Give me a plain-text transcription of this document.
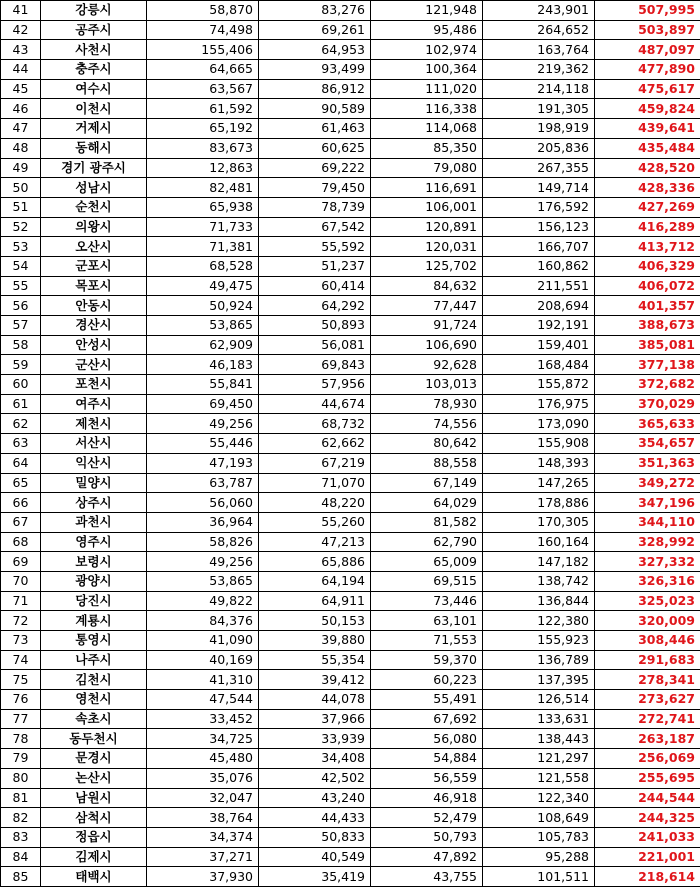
41	강릉시	58,870	83,276	121,948	243,901	507,995
42	공주시	74,498	69,261	95,486	264,652	503,897
43	사천시	155,406	64,953	102,974	163,764	487,097
44	충주시	64,665	93,499	100,364	219,362	477,890
45	여수시	63,567	86,912	111,020	214,118	475,617
46	이천시	61,592	90,589	116,338	191,305	459,824
47	거제시	65,192	61,463	114,068	198,919	439,641
48	동해시	83,673	60,625	85,350	205,836	435,484
49	경기 광주시	12,863	69,222	79,080	267,355	428,520
50	성남시	82,481	79,450	116,691	149,714	428,336
51	순천시	65,938	78,739	106,001	176,592	427,269
52	의왕시	71,733	67,542	120,891	156,123	416,289
53	오산시	71,381	55,592	120,031	166,707	413,712
54	군포시	68,528	51,237	125,702	160,862	406,329
55	목포시	49,475	60,414	84,632	211,551	406,072
56	안동시	50,924	64,292	77,447	208,694	401,357
57	경산시	53,865	50,893	91,724	192,191	388,673
58	안성시	62,909	56,081	106,690	159,401	385,081
59	군산시	46,183	69,843	92,628	168,484	377,138
60	포천시	55,841	57,956	103,013	155,872	372,682
61	여주시	69,450	44,674	78,930	176,975	370,029
62	제천시	49,256	68,732	74,556	173,090	365,633
63	서산시	55,446	62,662	80,642	155,908	354,657
64	익산시	47,193	67,219	88,558	148,393	351,363
65	밀양시	63,787	71,070	67,149	147,265	349,272
66	상주시	56,060	48,220	64,029	178,886	347,196
67	과천시	36,964	55,260	81,582	170,305	344,110
68	영주시	58,826	47,213	62,790	160,164	328,992
69	보령시	49,256	65,886	65,009	147,182	327,332
70	광양시	53,865	64,194	69,515	138,742	326,316
71	당진시	49,822	64,911	73,446	136,844	325,023
72	계룡시	84,376	50,153	63,101	122,380	320,009
73	통영시	41,090	39,880	71,553	155,923	308,446
74	나주시	40,169	55,354	59,370	136,789	291,683
75	김천시	41,310	39,412	60,223	137,395	278,341
76	영천시	47,544	44,078	55,491	126,514	273,627
77	속초시	33,452	37,966	67,692	133,631	272,741
78	동두천시	34,725	33,939	56,080	138,443	263,187
79	문경시	45,480	34,408	54,884	121,297	256,069
80	논산시	35,076	42,502	56,559	121,558	255,695
81	남원시	32,047	43,240	46,918	122,340	244,544
82	삼척시	38,764	44,433	52,479	108,649	244,325
83	정읍시	34,374	50,833	50,793	105,783	241,033
84	김제시	37,271	40,549	47,892	95,288	221,001
85	태백시	37,930	35,419	43,755	101,511	218,614
